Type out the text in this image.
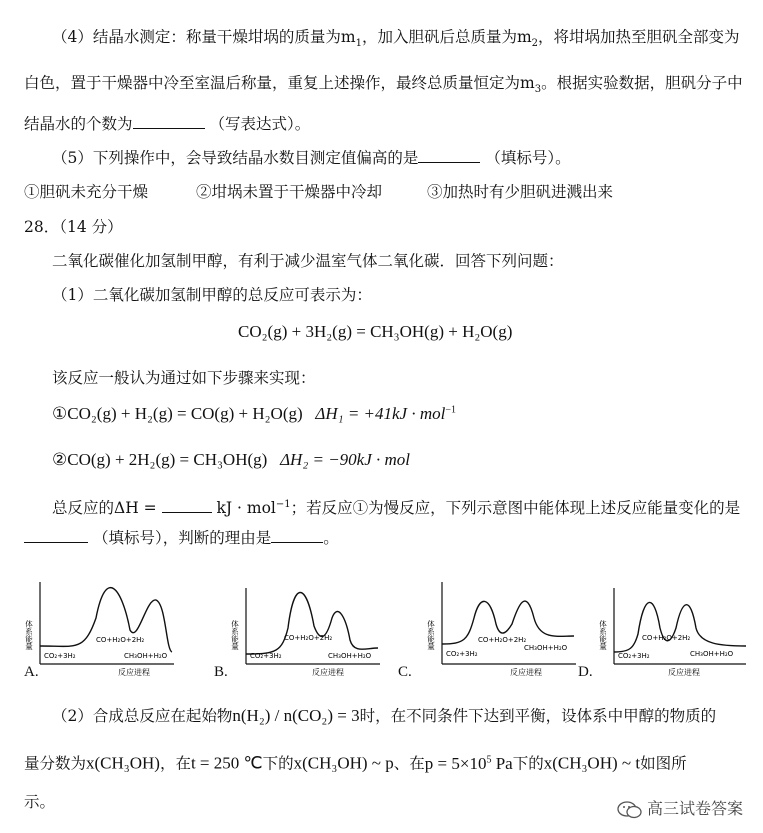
（4）结晶水测定：称量干燥坩埚的质量为$m_1$，加入胆矾后总质量为$m_2$，将坩埚加热至胆矾全部变为
白色，置于干燥器中冷至室温后称量，重复上述操作，最终总质量恒定为$m_3$。根据实验数据，胆矾分子中
结晶水的个数为	（写表达式）。
（5）下列操作中，会导致结晶水数目测定值偏高的是	（填标号）。
①胆矾未充分干燥	②坩埚未置于干燥器中冷却	③加热时有少胆矾进溅出来
28．（14 分）
二氧化碳催化加氢制甲醇，有利于减少温室气体二氧化碳．回答下列问题：
（1）二氧化碳加氢制甲醇的总反应可表示为：
CO₂(g) + 3H₂(g) = CH₃OH(g) + H₂O(g)
该反应一般认为通过如下步骤来实现：
①CO₂(g) + H₂(g) = CO(g) + H₂O(g) ΔH₁ = +41kJ · mol$^{-1}$
②CO(g) + 2H₂(g) = CH₃OH(g) ΔH₂ = −90kJ · mol
总反应的ΔH =	kJ · mol$^{-1}$；若反应①为慢反应，下列示意图中能体现上述反应能量变化的是
（填标号），判断的理由是	。
体系能量
反应进程
CO+H₂O+2H₂
CO₂+3H₂	CH₃OH+H₂O
体系能量
反应进程
CO+H₂O+2H₂
CO₂+3H₂	CH₃OH+H₂O
体系能量
反应进程
CO+H₂O+2H₂
CO₂+3H₂
CH₃OH+H₂O	体系能量
反应进程
CO+H₂O+2H₂
CO₂+3H₂	CH₃OH+H₂O
A.	B.	C.	D.
（2）合成总反应在起始物n(H₂) / n(CO₂) = 3时，在不同条件下达到平衡，设体系中甲醇的物质的
量分数为x(CH₃OH)，在t = 250 ℃下的x(CH₃OH) ~ p、在$p = 5\times 10^5$ Pa下的x(CH₃OH) ~ t如图所
示。	高三试卷答案
